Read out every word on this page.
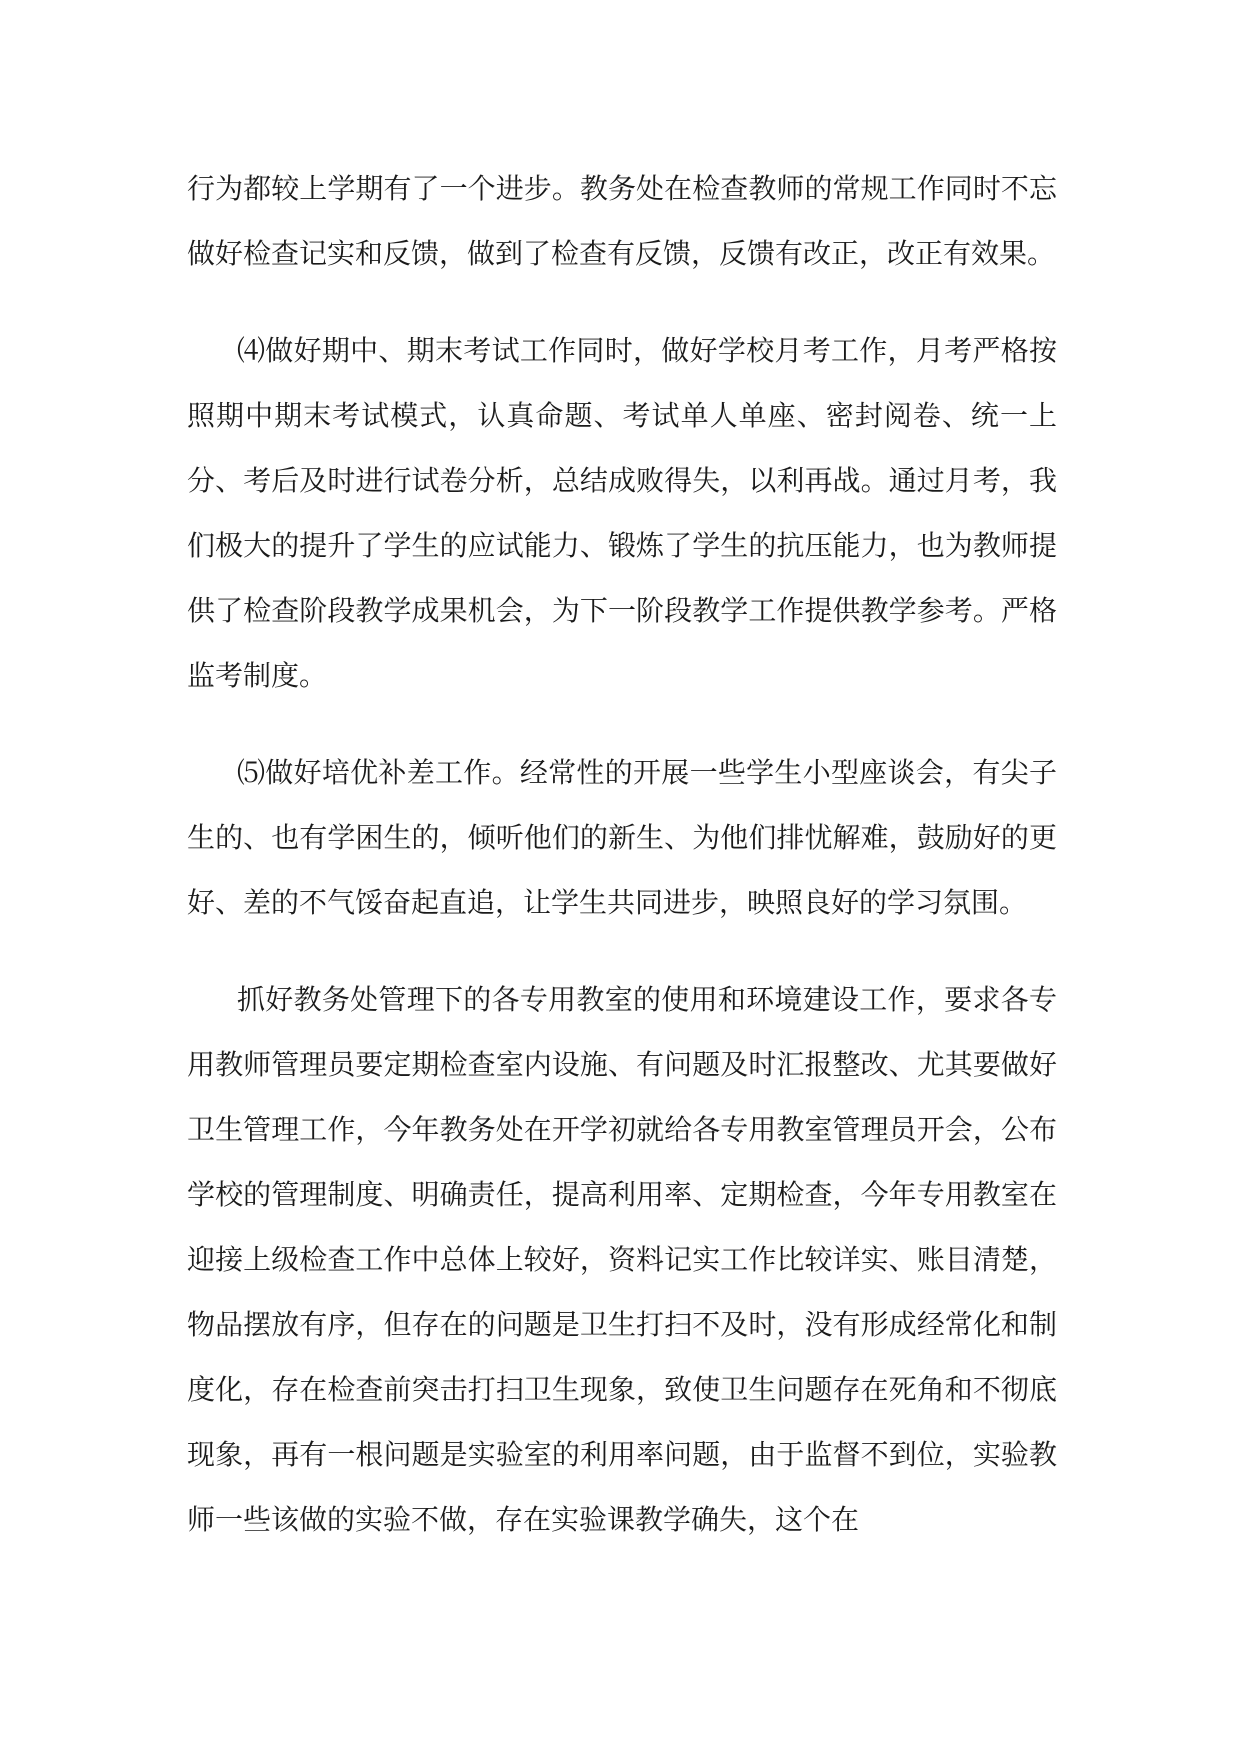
行为都较上学期有了一个进步。教务处在检查教师的常规工作同时不忘做好检查记实和反馈，做到了检查有反馈，反馈有改正，改正有效果。

⑷做好期中、期末考试工作同时，做好学校月考工作，月考严格按照期中期末考试模式，认真命题、考试单人单座、密封阅卷、统一上分、考后及时进行试卷分析，总结成败得失，以利再战。通过月考，我们极大的提升了学生的应试能力、锻炼了学生的抗压能力，也为教师提供了检查阶段教学成果机会，为下一阶段教学工作提供教学参考。严格监考制度。

⑸做好培优补差工作。经常性的开展一些学生小型座谈会，有尖子生的、也有学困生的，倾听他们的新生、为他们排忧解难，鼓励好的更好、差的不气馁奋起直追，让学生共同进步，映照良好的学习氛围。

抓好教务处管理下的各专用教室的使用和环境建设工作，要求各专用教师管理员要定期检查室内设施、有问题及时汇报整改、尤其要做好卫生管理工作，今年教务处在开学初就给各专用教室管理员开会，公布学校的管理制度、明确责任，提高利用率、定期检查，今年专用教室在迎接上级检查工作中总体上较好，资料记实工作比较详实、账目清楚，物品摆放有序，但存在的问题是卫生打扫不及时，没有形成经常化和制度化，存在检查前突击打扫卫生现象，致使卫生问题存在死角和不彻底现象，再有一根问题是实验室的利用率问题，由于监督不到位，实验教师一些该做的实验不做，存在实验课教学确失，这个在
